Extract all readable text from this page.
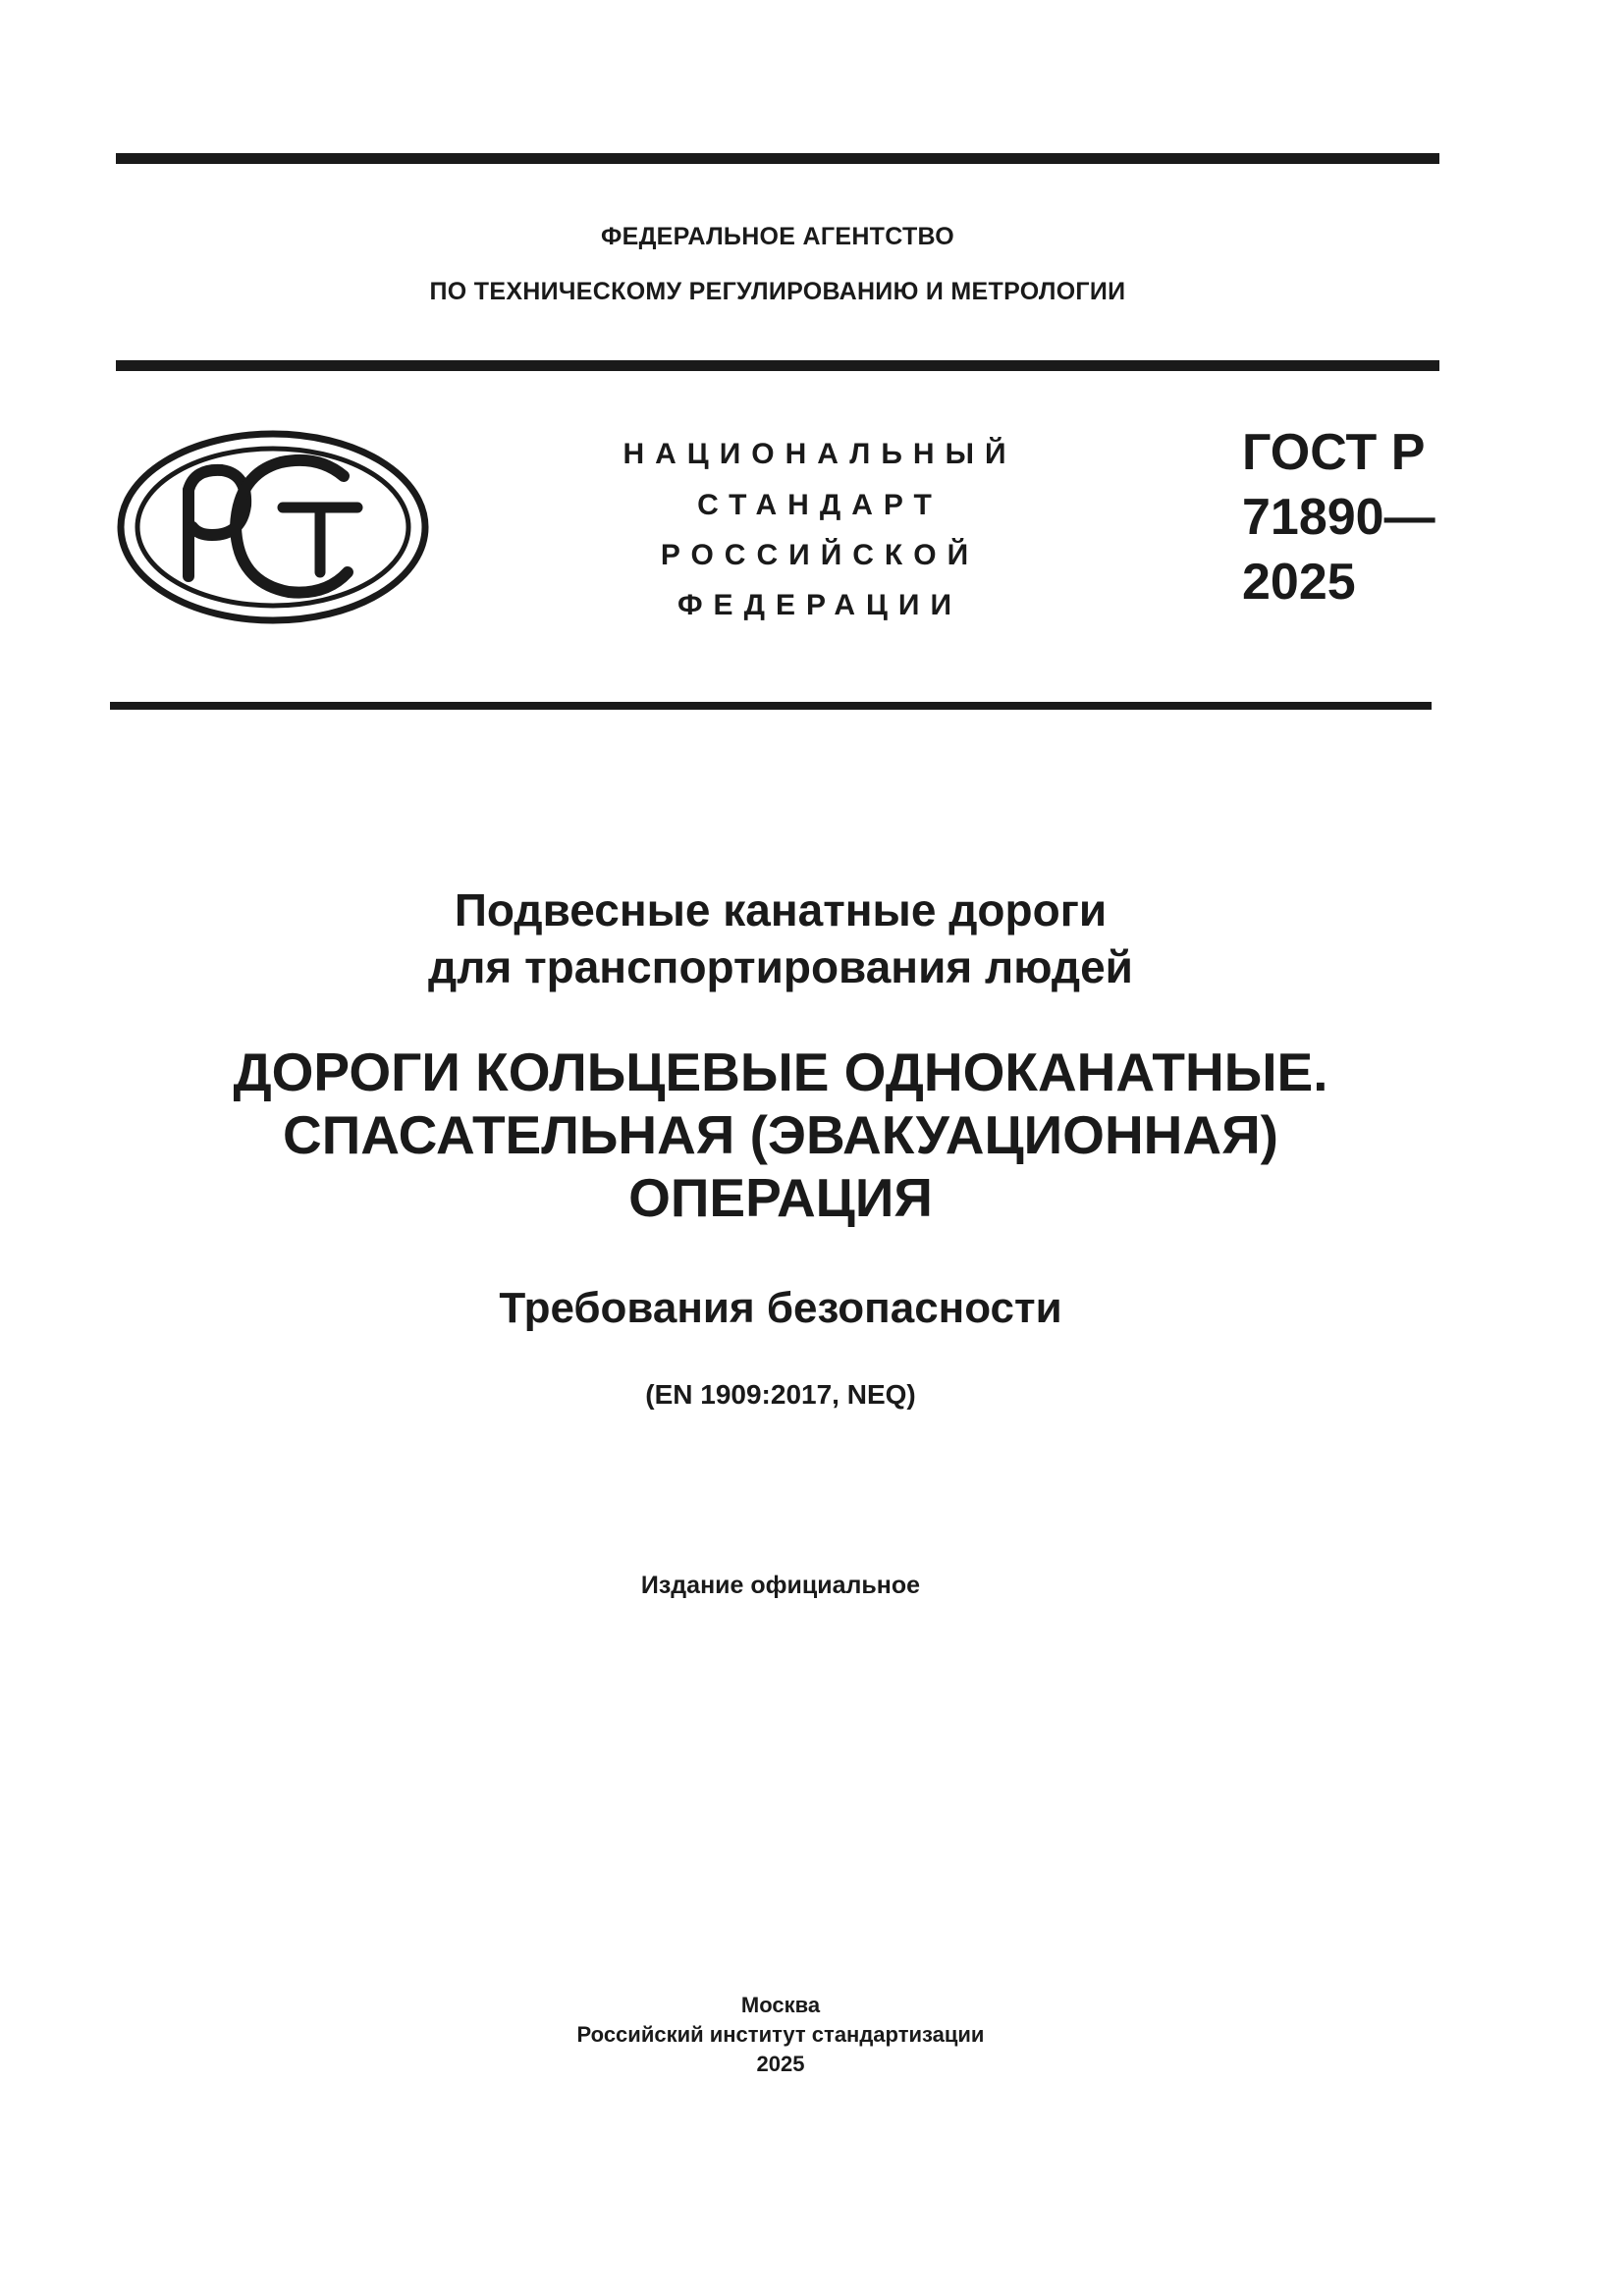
ФЕДЕРАЛЬНОЕ АГЕНТСТВО
ПО ТЕХНИЧЕСКОМУ РЕГУЛИРОВАНИЮ И МЕТРОЛОГИИ
НАЦИОНАЛЬНЫЙ
СТАНДАРТ
РОССИЙСКОЙ
ФЕДЕРАЦИИ
ГОСТ Р
71890—
2025
Подвесные канатные дороги
для транспортирования людей
ДОРОГИ КОЛЬЦЕВЫЕ ОДНОКАНАТНЫЕ.
СПАСАТЕЛЬНАЯ (ЭВАКУАЦИОННАЯ)
ОПЕРАЦИЯ
Требования безопасности
(EN 1909:2017, NEQ)
Издание официальное
Москва
Российский институт стандартизации
2025
